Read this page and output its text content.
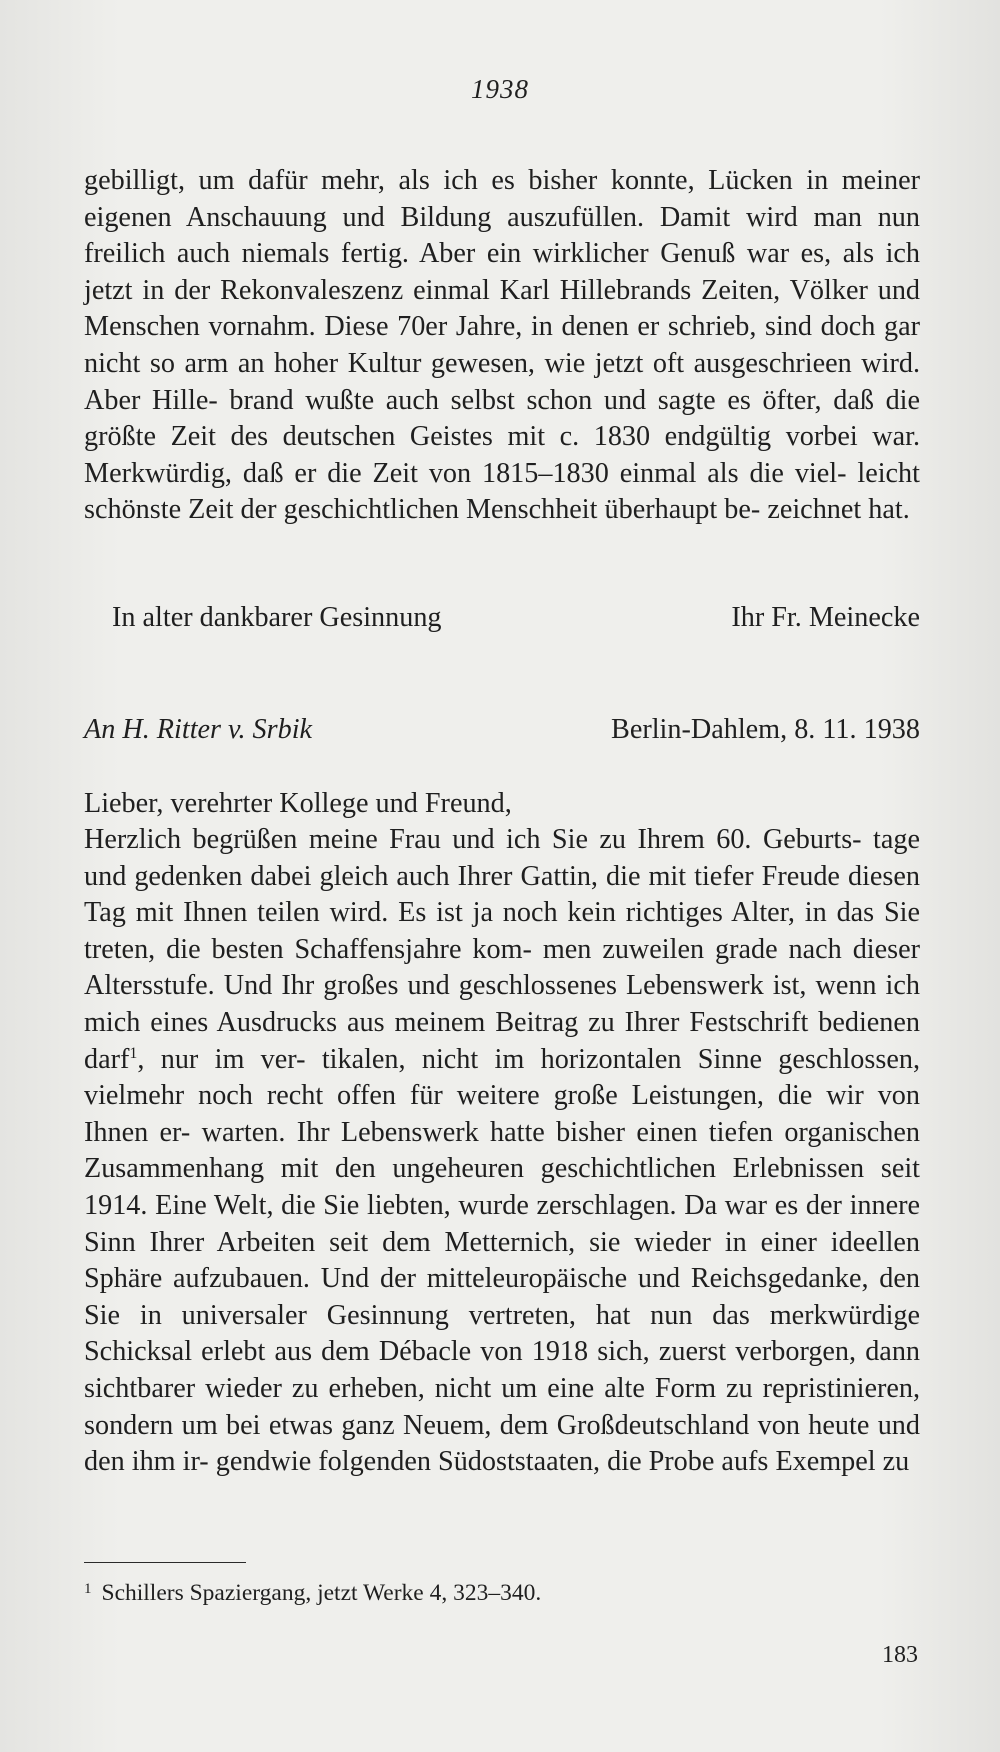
1938

gebilligt, um dafür mehr, als ich es bisher konnte, Lücken in meiner eigenen Anschauung und Bildung auszufüllen. Damit wird man nun freilich auch niemals fertig. Aber ein wirklicher Genuß war es, als ich jetzt in der Rekonvaleszenz einmal Karl Hillebrands Zeiten, Völker und Menschen vornahm. Diese 70er Jahre, in denen er schrieb, sind doch gar nicht so arm an hoher Kultur gewesen, wie jetzt oft ausgeschrieen wird. Aber Hille- brand wußte auch selbst schon und sagte es öfter, daß die größte Zeit des deutschen Geistes mit c. 1830 endgültig vorbei war. Merkwürdig, daß er die Zeit von 1815–1830 einmal als die viel- leicht schönste Zeit der geschichtlichen Menschheit überhaupt be- zeichnet hat.

In alter dankbarer Gesinnung	Ihr Fr. Meinecke
An H. Ritter v. Srbik	Berlin-Dahlem, 8. 11. 1938
Lieber, verehrter Kollege und Freund,

Herzlich begrüßen meine Frau und ich Sie zu Ihrem 60. Geburts- tage und gedenken dabei gleich auch Ihrer Gattin, die mit tiefer Freude diesen Tag mit Ihnen teilen wird. Es ist ja noch kein richtiges Alter, in das Sie treten, die besten Schaffensjahre kom- men zuweilen grade nach dieser Altersstufe. Und Ihr großes und geschlossenes Lebenswerk ist, wenn ich mich eines Ausdrucks aus meinem Beitrag zu Ihrer Festschrift bedienen darf$^1$, nur im ver- tikalen, nicht im horizontalen Sinne geschlossen, vielmehr noch recht offen für weitere große Leistungen, die wir von Ihnen er- warten. Ihr Lebenswerk hatte bisher einen tiefen organischen Zusammenhang mit den ungeheuren geschichtlichen Erlebnissen seit 1914. Eine Welt, die Sie liebten, wurde zerschlagen. Da war es der innere Sinn Ihrer Arbeiten seit dem Metternich, sie wieder in einer ideellen Sphäre aufzubauen. Und der mitteleuropäische und Reichsgedanke, den Sie in universaler Gesinnung vertreten, hat nun das merkwürdige Schicksal erlebt aus dem Débacle von 1918 sich, zuerst verborgen, dann sichtbarer wieder zu erheben, nicht um eine alte Form zu repristinieren, sondern um bei etwas ganz Neuem, dem Großdeutschland von heute und den ihm ir- gendwie folgenden Südoststaaten, die Probe aufs Exempel zu

$^1$ Schillers Spaziergang, jetzt Werke 4, 323–340.
183
